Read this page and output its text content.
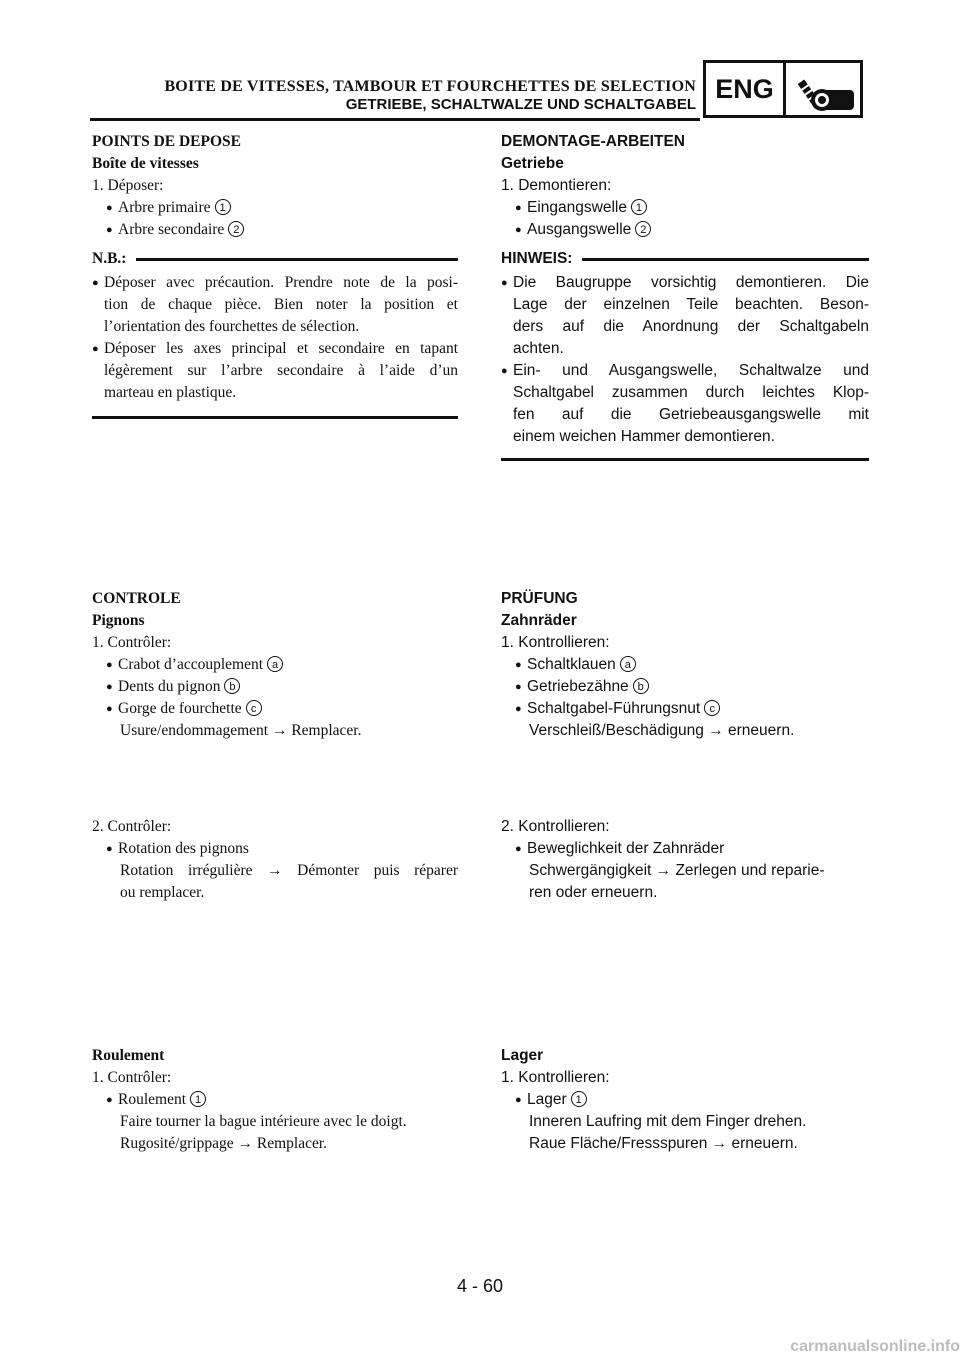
BOITE DE VITESSES, TAMBOUR ET FOURCHETTES DE SELECTION
GETRIEBE, SCHALTWALZE UND SCHALTGABEL
ENG
POINTS DE DEPOSE
Boîte de vitesses
1. Déposer:
● Arbre primaire 1
● Arbre secondaire 2
N.B.:
● Déposer avec précaution. Prendre note de la posi-
tion de chaque pièce. Bien noter la position et
l’orientation des fourchettes de sélection.
● Déposer les axes principal et secondaire en tapant
légèrement sur l’arbre secondaire à l’aide d’un
marteau en plastique.
DEMONTAGE-ARBEITEN
Getriebe
1. Demontieren:
● Eingangswelle 1
● Ausgangswelle 2
HINWEIS:
● Die Baugruppe vorsichtig demontieren. Die
Lage der einzelnen Teile beachten. Beson-
ders auf die Anordnung der Schaltgabeln
achten.
● Ein- und Ausgangswelle, Schaltwalze und
Schaltgabel zusammen durch leichtes Klop-
fen auf die Getriebeausgangswelle mit
einem weichen Hammer demontieren.
CONTROLE
Pignons
1. Contrôler:
● Crabot d’accouplement a
● Dents du pignon b
● Gorge de fourchette c
Usure/endommagement → Remplacer.
2. Contrôler:
● Rotation des pignons
Rotation irrégulière → Démonter puis réparer
ou remplacer.
PRÜFUNG
Zahnräder
1. Kontrollieren:
● Schaltklauen a
● Getriebezähne b
● Schaltgabel-Führungsnut c
Verschleiß/Beschädigung → erneuern.
2. Kontrollieren:
● Beweglichkeit der Zahnräder
Schwergängigkeit → Zerlegen und reparie-
ren oder erneuern.
Roulement
1. Contrôler:
● Roulement 1
Faire tourner la bague intérieure avec le doigt.
Rugosité/grippage → Remplacer.
Lager
1. Kontrollieren:
● Lager 1
Inneren Laufring mit dem Finger drehen.
Raue Fläche/Fressspuren → erneuern.
4 - 60
carmanualsonline.info
